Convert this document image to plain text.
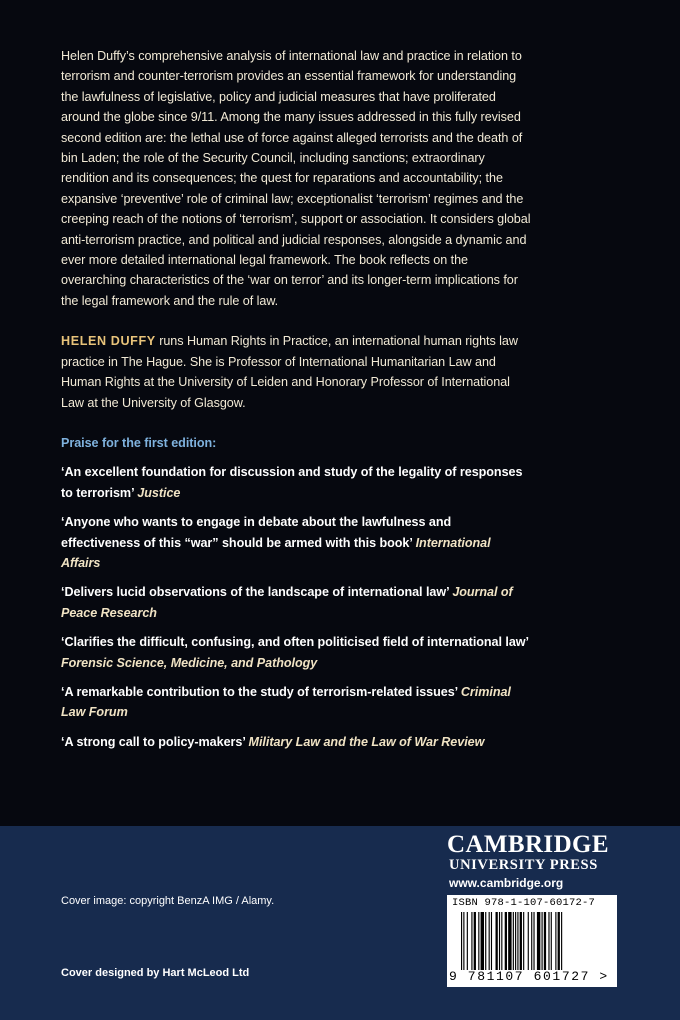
Helen Duffy’s comprehensive analysis of international law and practice in relation to terrorism and counter-terrorism provides an essential framework for understanding the lawfulness of legislative, policy and judicial measures that have proliferated around the globe since 9/11. Among the many issues addressed in this fully revised second edition are: the lethal use of force against alleged terrorists and the death of bin Laden; the role of the Security Council, including sanctions; extraordinary rendition and its consequences; the quest for reparations and accountability; the expansive ‘preventive’ role of criminal law; exceptionalist ‘terrorism’ regimes and the creeping reach of the notions of ‘terrorism’, support or association. It considers global anti-terrorism practice, and political and judicial responses, alongside a dynamic and ever more detailed international legal framework. The book reflects on the overarching characteristics of the ‘war on terror’ and its longer-term implications for the legal framework and the rule of law.

HELEN DUFFY runs Human Rights in Practice, an international human rights law practice in The Hague. She is Professor of International Humanitarian Law and Human Rights at the University of Leiden and Honorary Professor of International Law at the University of Glasgow.

Praise for the first edition:

‘An excellent foundation for discussion and study of the legality of responses to terrorism’ Justice

‘Anyone who wants to engage in debate about the lawfulness and effectiveness of this “war” should be armed with this book’ International Affairs

‘Delivers lucid observations of the landscape of international law’ Journal of Peace Research

‘Clarifies the difficult, confusing, and often politicised field of international law’ Forensic Science, Medicine, and Pathology

‘A remarkable contribution to the study of terrorism-related issues’ Criminal Law Forum

‘A strong call to policy-makers’ Military Law and the Law of War Review

CAMBRIDGE
UNIVERSITY PRESS
www.cambridge.org
Cover image: copyright BenzA IMG / Alamy.
Cover designed by Hart McLeod Ltd
ISBN 978-1-107-60172-7
9 781107 601727 >
